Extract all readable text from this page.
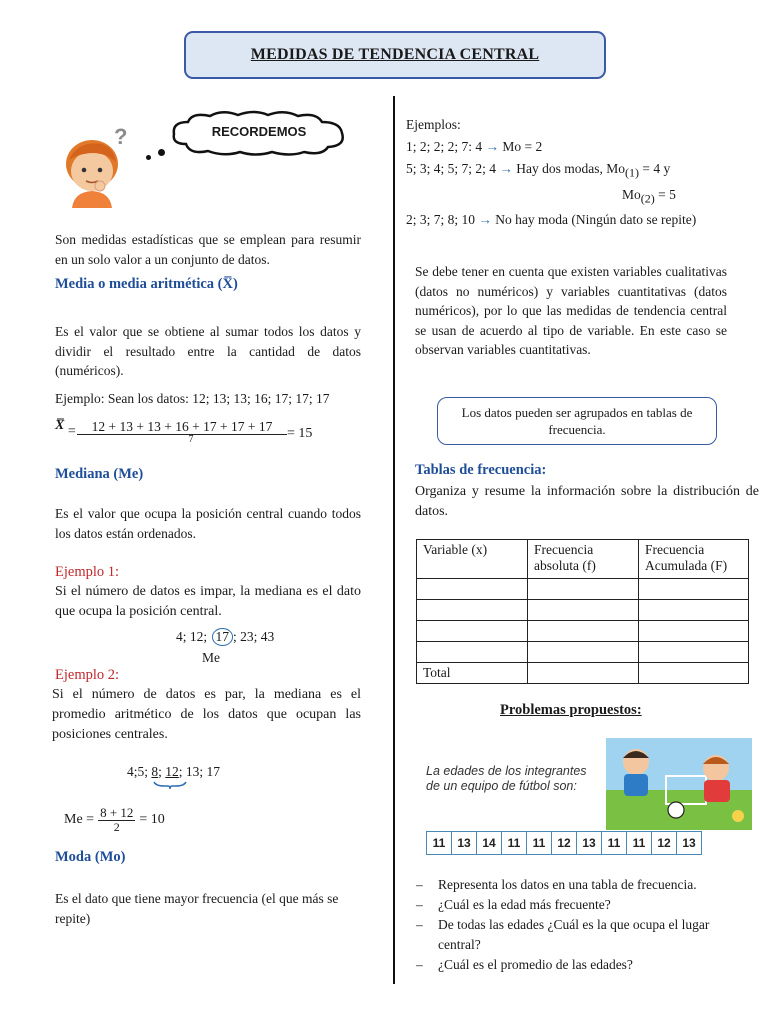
MEDIDAS DE TENDENCIA CENTRAL
?	RECORDEMOS
Son medidas estadísticas que se emplean para resumir en un solo valor a un conjunto de datos.
Media o media aritmética (X̅)
Es el valor que se obtiene al sumar todos los datos y dividir el resultado entre la cantidad de datos (numéricos).
Ejemplo: Sean los datos: 12; 13; 13; 16; 17; 17; 17
X̅ =	12 + 13 + 13 + 16 + 17 + 17 + 17
7	= 15
Mediana (Me)
Es el valor que ocupa la posición central cuando todos los datos están ordenados.
Ejemplo 1:
Si el número de datos es impar, la mediana es el dato que ocupa la posición central.
4; 12; 17 ; 23; 43
Me
Ejemplo 2:
Si el número de datos es par, la mediana es el promedio aritmético de los datos que ocupan las posiciones centrales.
4;5; 8; 12; 13; 17
$Me = \frac{8 + 12}{2} = 10$
Moda (Mo)
Es el dato que tiene mayor frecuencia (el que más se repite)
Ejemplos:
1; 2; 2; 2; 7: 4 → Mo = 2
5; 3; 4; 5; 7; 2; 4 → Hay dos modas, $Mo_{(1)} = 4$ y
$Mo_{(2)} = 5$
2; 3; 7; 8; 10 → No hay moda (Ningún dato se repite)
Se debe tener en cuenta que existen variables cualitativas (datos no numéricos) y variables cuantitativas (datos numéricos), por lo que las medidas de tendencia central se usan de acuerdo al tipo de variable. En este caso se observan variables cuantitativas.
Los datos pueden ser agrupados en tablas de frecuencia.
Tablas de frecuencia:
Organiza y resume la información sobre la distribución de datos.
Variable (x)	Frecuencia absoluta (f)	Frecuencia Acumulada (F)

Total		
Problemas propuestos:
La edades de los integrantes
de un equipo de fútbol son:
11 13 14 11	11 12 13 11	11 12 13
– Representa los datos en una tabla de frecuencia.
– ¿Cuál es la edad más frecuente?
– De todas las edades ¿Cuál es la que ocupa el lugar central?
– ¿Cuál es el promedio de las edades?
